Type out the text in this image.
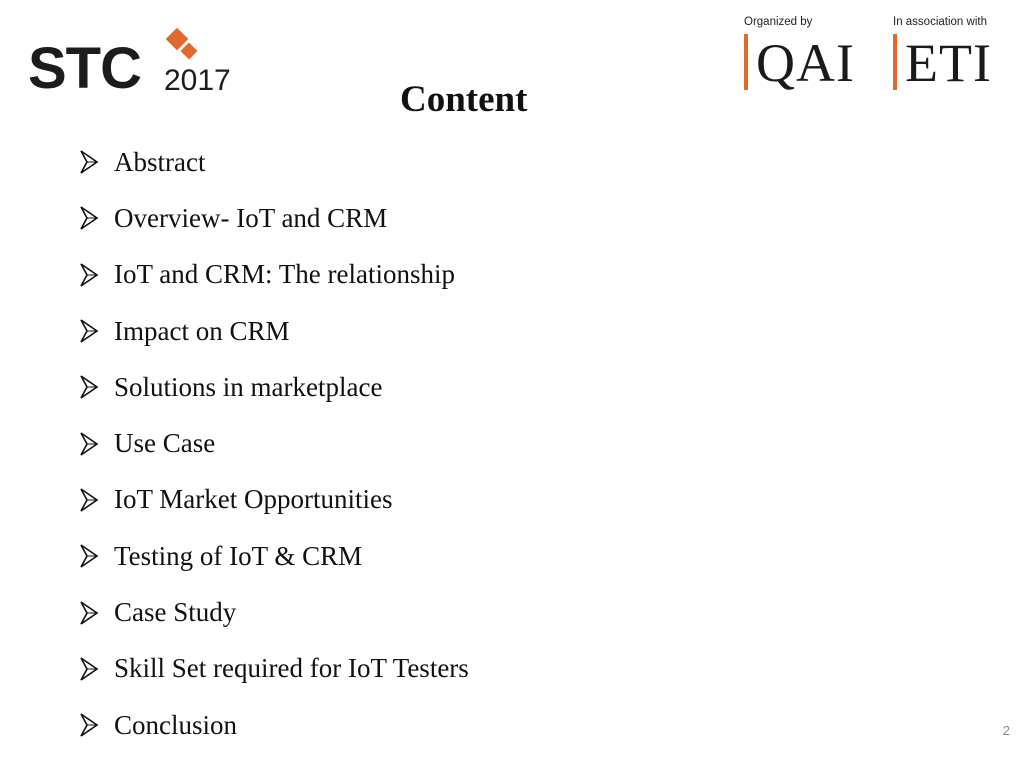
STC 2017
Organized by
QAI
In association with
ETI
Content
Abstract
Overview- IoT and CRM
IoT and CRM: The relationship
Impact on CRM
Solutions in marketplace
Use Case
IoT Market Opportunities
Testing of IoT & CRM
Case Study
Skill Set required for IoT Testers
Conclusion	2
